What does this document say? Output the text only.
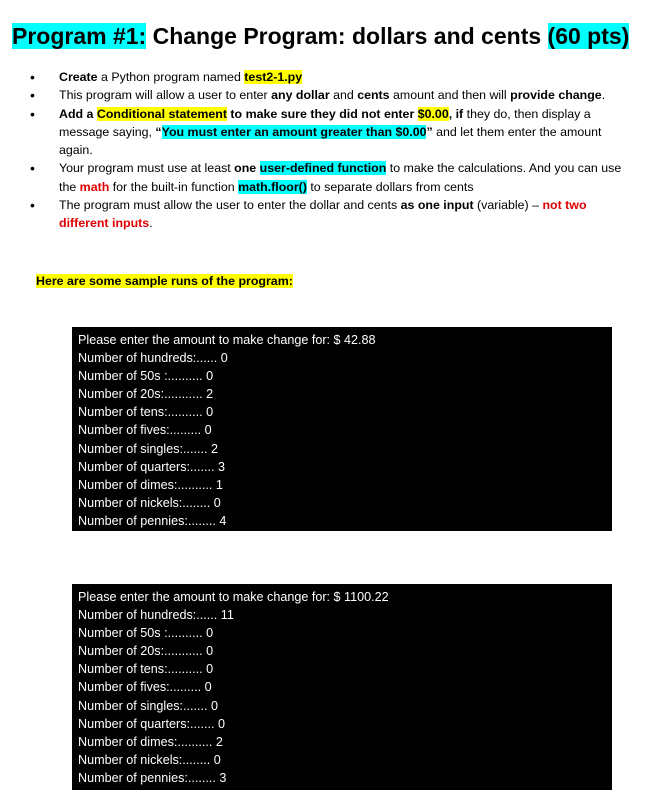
Program #1: Change Program: dollars and cents (60 pts)
• Create a Python program named test2-1.py
• This program will allow a user to enter any dollar and cents amount and then will provide change.
• Add a Conditional statement to make sure they did not enter $0.00, if they do, then display a message saying, “You must enter an amount greater than $0.00” and let them enter the amount again.
• Your program must use at least one user-defined function to make the calculations. And you can use the math for the built-in function math.floor() to separate dollars from cents
• The program must allow the user to enter the dollar and cents as one input (variable) – not two different inputs.

Here are some sample runs of the program:

Please enter the amount to make change for: $ 42.88
Number of hundreds:...... 0
Number of 50s :.......... 0
Number of 20s:........... 2
Number of tens:.......... 0
Number of fives:......... 0
Number of singles:....... 2
Number of quarters:....... 3
Number of dimes:.......... 1
Number of nickels:........ 0
Number of pennies:........ 4
Please enter the amount to make change for: $ 1100.22
Number of hundreds:...... 11
Number of 50s :.......... 0
Number of 20s:........... 0
Number of tens:.......... 0
Number of fives:......... 0
Number of singles:....... 0
Number of quarters:....... 0
Number of dimes:.......... 2
Number of nickels:........ 0
Number of pennies:........ 3
